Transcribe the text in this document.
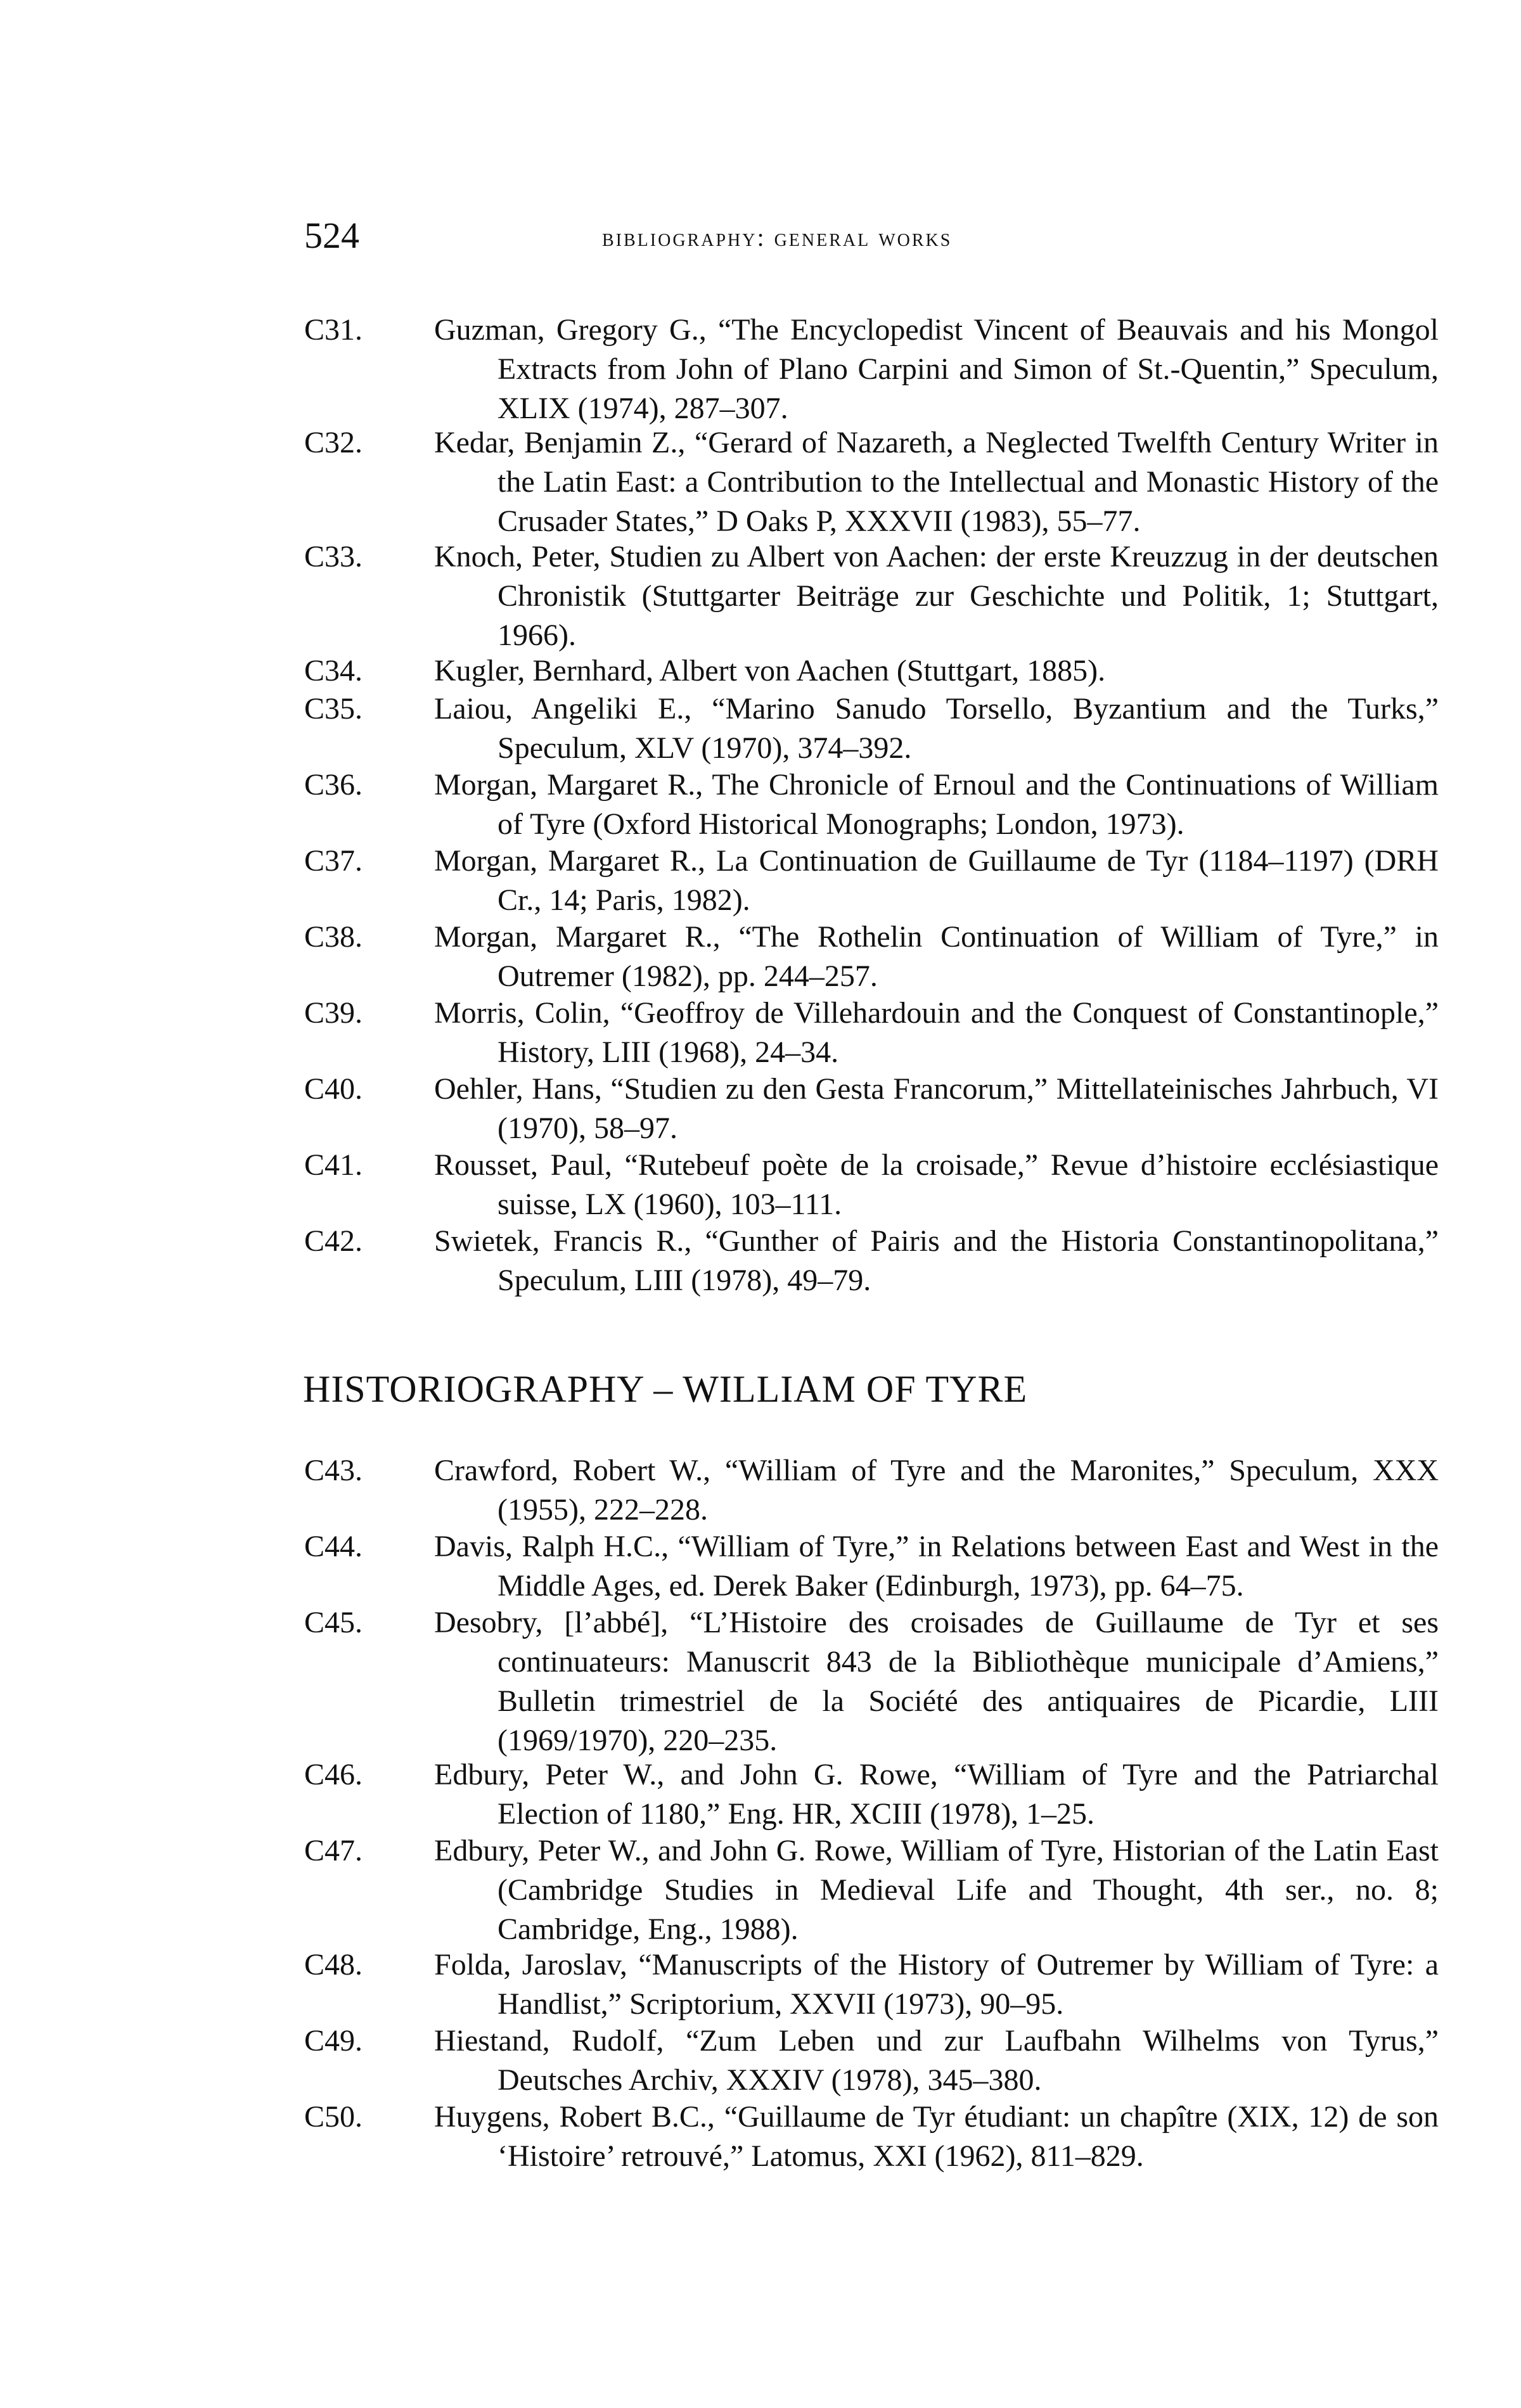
524	bibliography: general works
C31.	Guzman, Gregory G., “The Encyclopedist Vincent of Beauvais and his Mongol Extracts from John of Plano Carpini and Simon of St.-Quentin,” Speculum, XLIX (1974), 287–307.
C32.	Kedar, Benjamin Z., “Gerard of Nazareth, a Neglected Twelfth Century Writer in the Latin East: a Contribution to the Intellectual and Monastic History of the Crusader States,” D Oaks P, XXXVII (1983), 55–77.
C33.	Knoch, Peter, Studien zu Albert von Aachen: der erste Kreuzzug in der deutschen Chronistik (Stuttgarter Beiträge zur Geschichte und Politik, 1; Stuttgart, 1966).
C34.	Kugler, Bernhard, Albert von Aachen (Stuttgart, 1885).
C35.	Laiou, Angeliki E., “Marino Sanudo Torsello, Byzantium and the Turks,” Speculum, XLV (1970), 374–392.
C36.	Morgan, Margaret R., The Chronicle of Ernoul and the Continuations of William of Tyre (Oxford Historical Monographs; London, 1973).
C37.	Morgan, Margaret R., La Continuation de Guillaume de Tyr (1184–1197) (DRH Cr., 14; Paris, 1982).
C38.	Morgan, Margaret R., “The Rothelin Continuation of William of Tyre,” in Outremer (1982), pp. 244–257.
C39.	Morris, Colin, “Geoffroy de Villehardouin and the Conquest of Constantinople,” History, LIII (1968), 24–34.
C40.	Oehler, Hans, “Studien zu den Gesta Francorum,” Mittellateinisches Jahrbuch, VI (1970), 58–97.
C41.	Rousset, Paul, “Rutebeuf poète de la croisade,” Revue d’histoire ecclésiastique suisse, LX (1960), 103–111.
C42.	Swietek, Francis R., “Gunther of Pairis and the Historia Constantinopolitana,” Speculum, LIII (1978), 49–79.
HISTORIOGRAPHY – WILLIAM OF TYRE
C43.	Crawford, Robert W., “William of Tyre and the Maronites,” Speculum, XXX (1955), 222–228.
C44.	Davis, Ralph H.C., “William of Tyre,” in Relations between East and West in the Middle Ages, ed. Derek Baker (Edinburgh, 1973), pp. 64–75.
C45.	Desobry, [l’abbé], “L’Histoire des croisades de Guillaume de Tyr et ses continuateurs: Manuscrit 843 de la Bibliothèque municipale d’Amiens,” Bulletin trimestriel de la Société des antiquaires de Picardie, LIII (1969/1970), 220–235.
C46.	Edbury, Peter W., and John G. Rowe, “William of Tyre and the Patriarchal Election of 1180,” Eng. HR, XCIII (1978), 1–25.
C47.	Edbury, Peter W., and John G. Rowe, William of Tyre, Historian of the Latin East (Cambridge Studies in Medieval Life and Thought, 4th ser., no. 8; Cambridge, Eng., 1988).
C48.	Folda, Jaroslav, “Manuscripts of the History of Outremer by William of Tyre: a Handlist,” Scriptorium, XXVII (1973), 90–95.
C49.	Hiestand, Rudolf, “Zum Leben und zur Laufbahn Wilhelms von Tyrus,” Deutsches Archiv, XXXIV (1978), 345–380.
C50.	Huygens, Robert B.C., “Guillaume de Tyr étudiant: un chapître (XIX, 12) de son ‘Histoire’ retrouvé,” Latomus, XXI (1962), 811–829.
